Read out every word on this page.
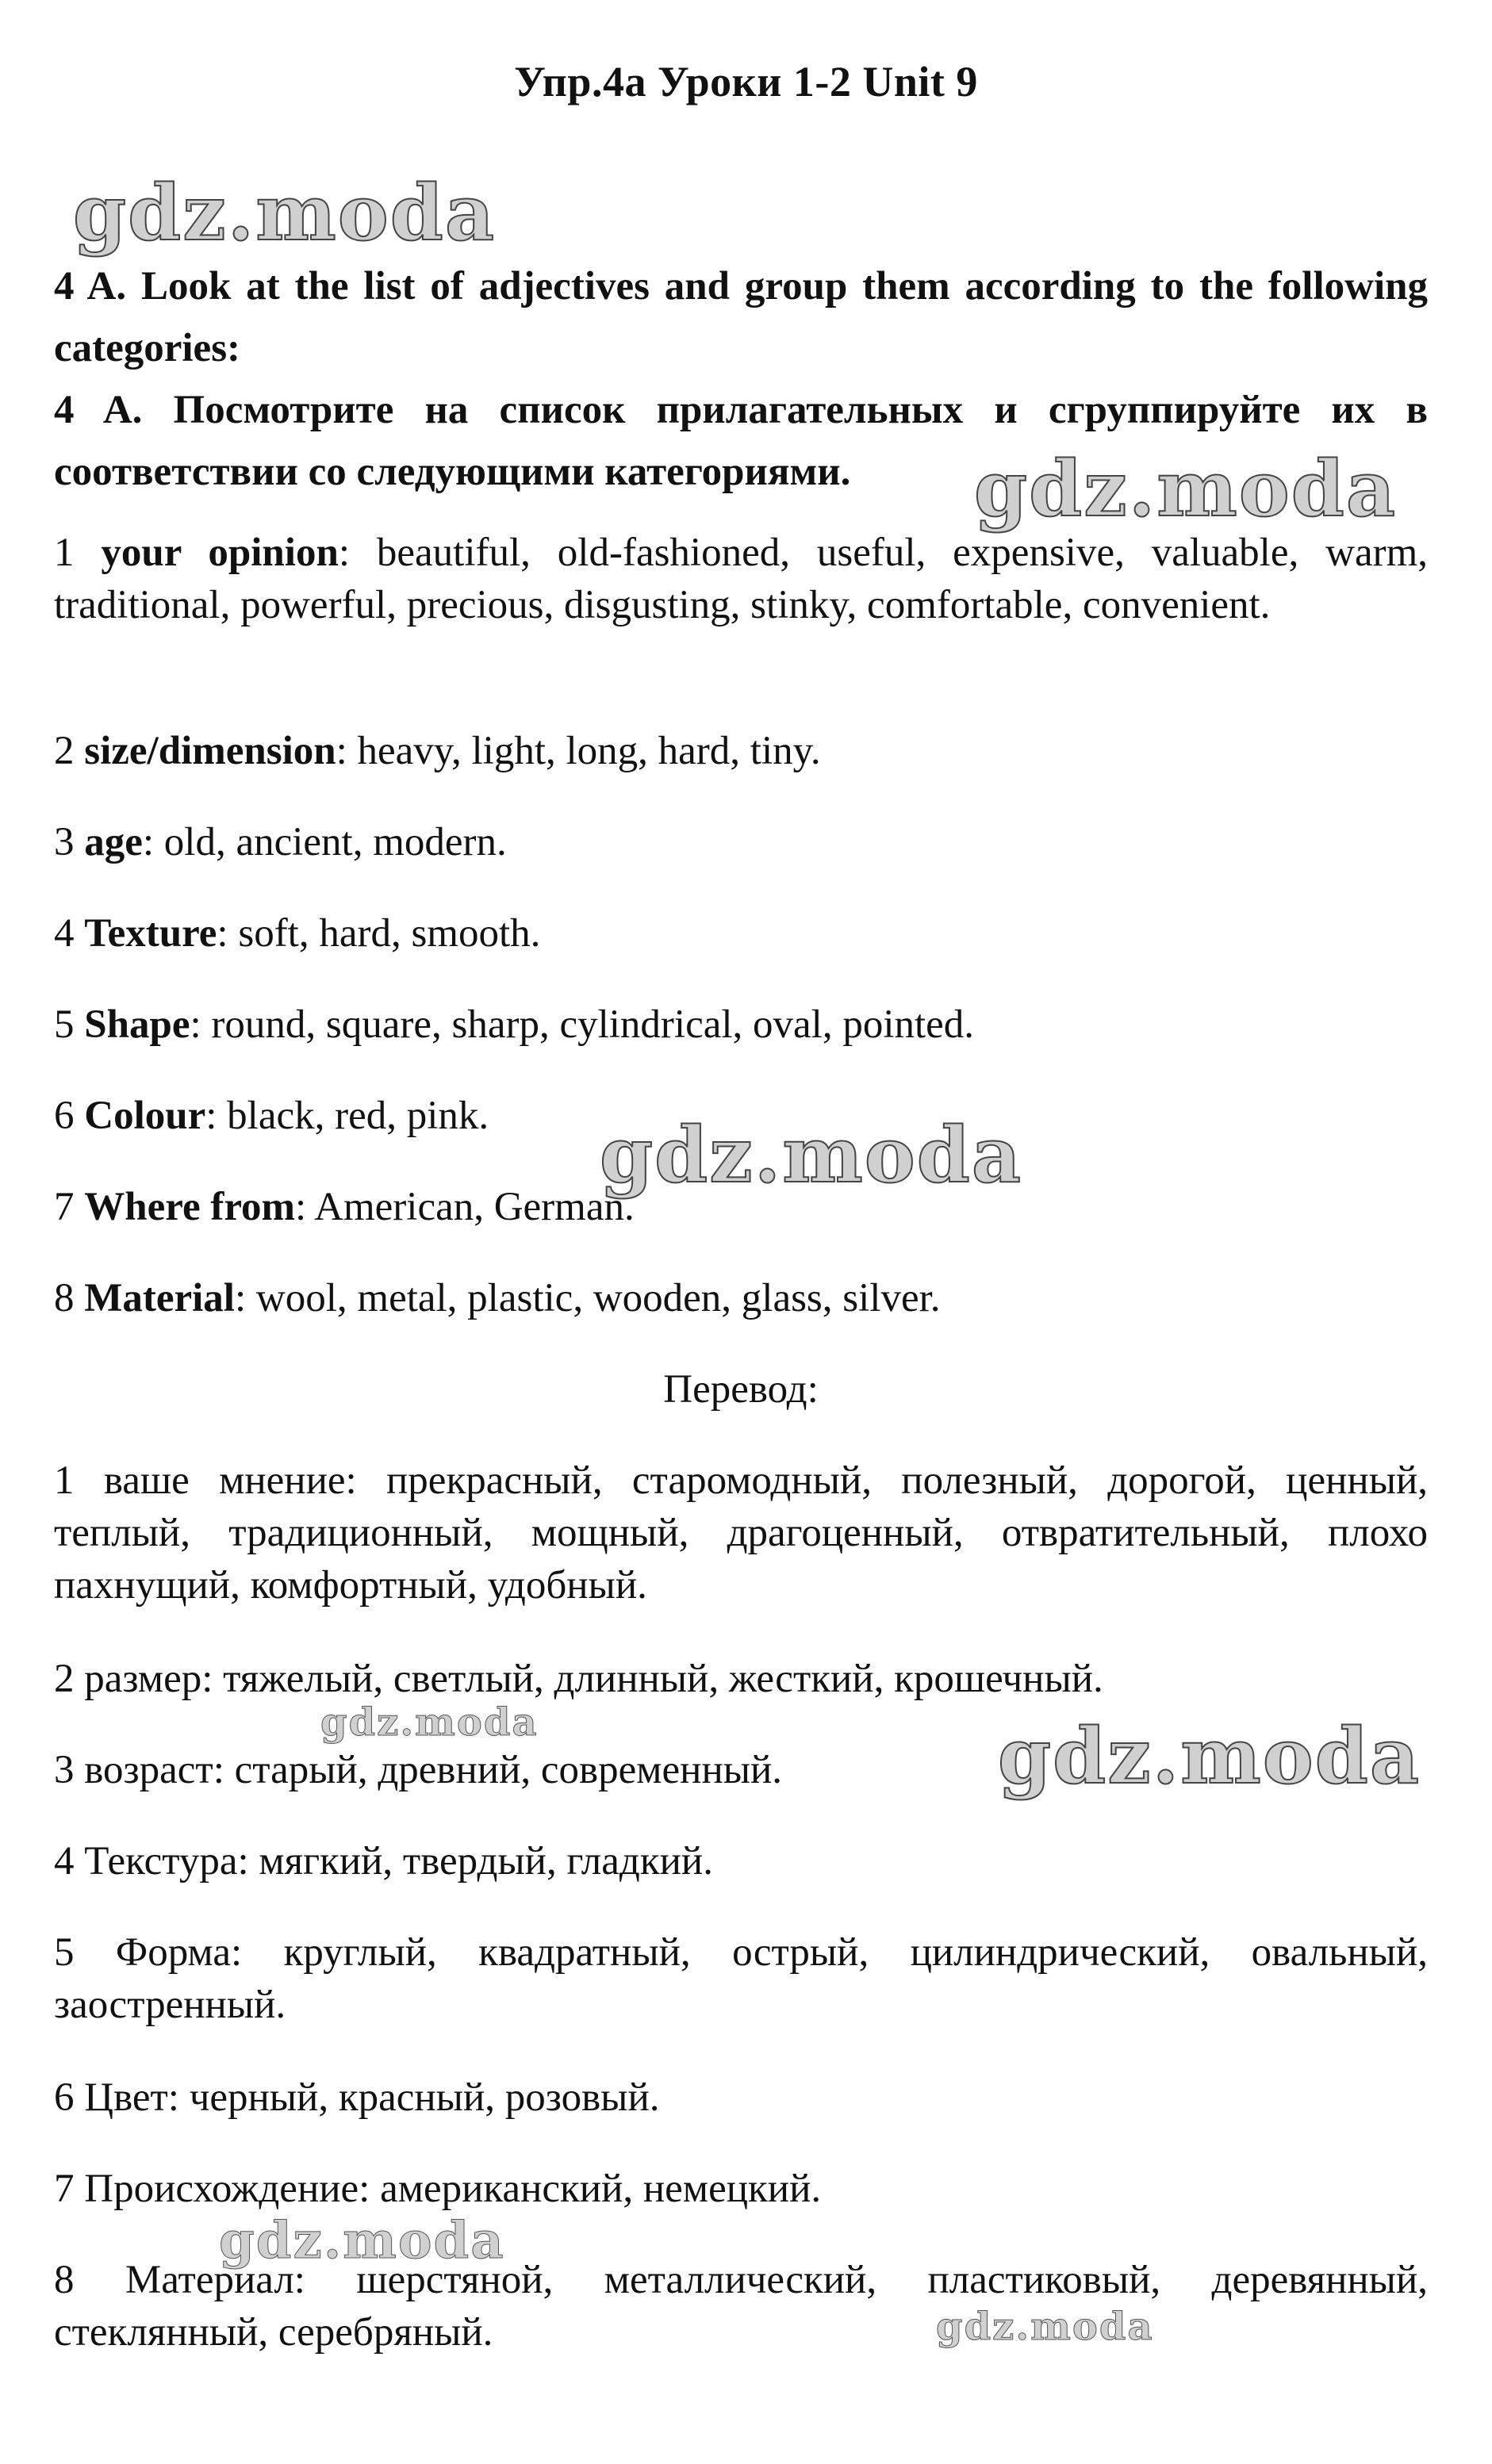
Упр.4а Уроки 1-2 Unit 9
gdz.moda
gdz.moda
gdz.moda
gdz.moda	gdz.moda
gdz.moda
gdz.moda
4 A. Look at the list of adjectives and group them according to the following categories:
4 A. Посмотрите на список прилагательных и сгруппируйте их в соответствии со следующими категориями.
1 your opinion: beautiful, old-fashioned, useful, expensive, valuable, warm, traditional, powerful, precious, disgusting, stinky, comfortable, convenient.
2 size/dimension: heavy, light, long, hard, tiny.
3 age: old, ancient, modern.
4 Texture: soft, hard, smooth.
5 Shape: round, square, sharp, cylindrical, oval, pointed.
6 Colour: black, red, pink.
7 Where from: American, German.
8 Material: wool, metal, plastic, wooden, glass, silver.
Перевод:
1 ваше мнение: прекрасный, старомодный, полезный, дорогой, ценный, теплый, традиционный, мощный, драгоценный, отвратительный, плохо пахнущий, комфортный, удобный.
2 размер: тяжелый, светлый, длинный, жесткий, крошечный.
3 возраст: старый, древний, современный.
4 Текстура: мягкий, твердый, гладкий.
5 Форма: круглый, квадратный, острый, цилиндрический, овальный, заостренный.
6 Цвет: черный, красный, розовый.
7 Происхождение: американский, немецкий.
8 Материал: шерстяной, металлический, пластиковый, деревянный, стеклянный, серебряный.
